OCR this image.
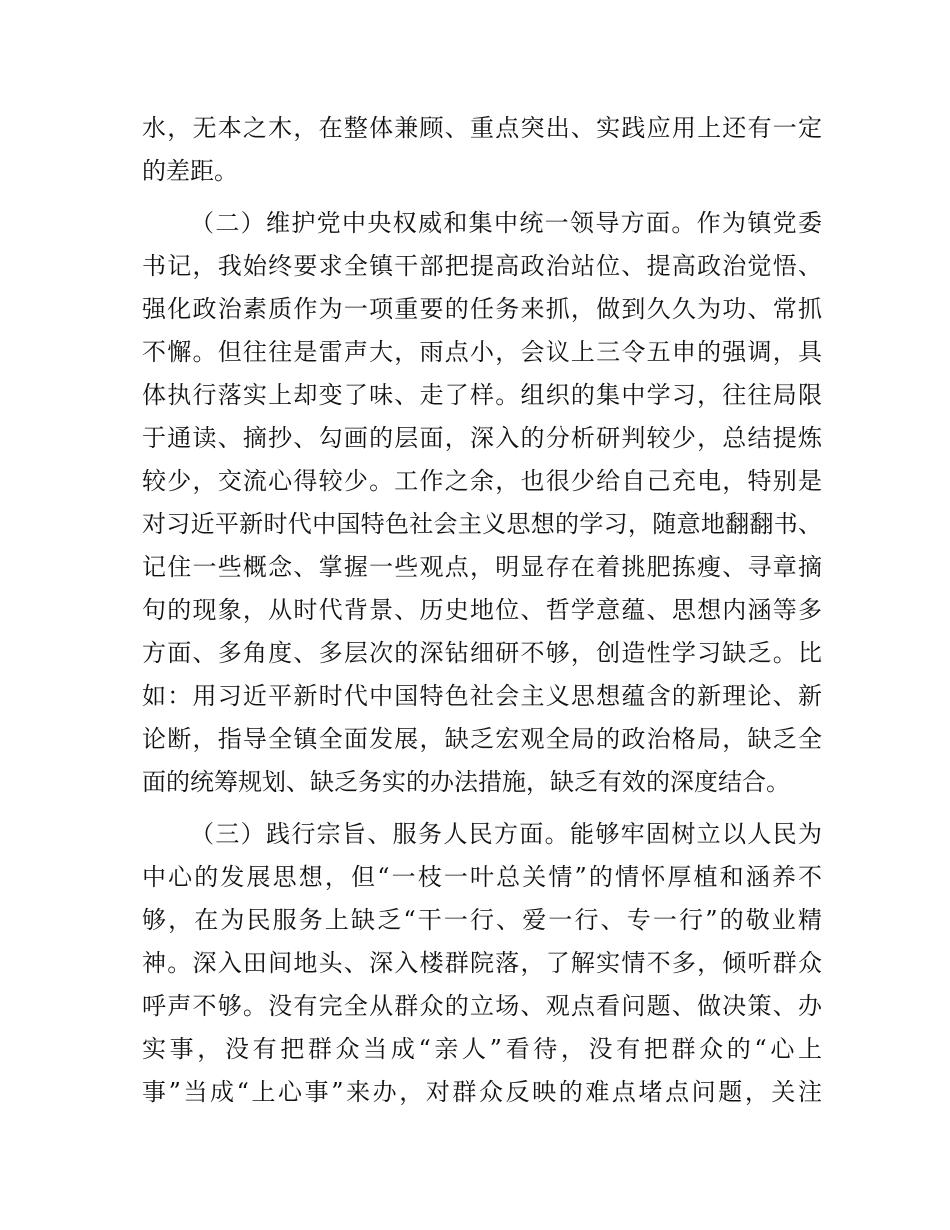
水，无本之木，在整体兼顾、重点突出、实践应用上还有一定
的差距。
（二）维护党中央权威和集中统一领导方面。作为镇党委
书记，我始终要求全镇干部把提高政治站位、提高政治觉悟、
强化政治素质作为一项重要的任务来抓，做到久久为功、常抓
不懈。但往往是雷声大，雨点小，会议上三令五申的强调，具
体执行落实上却变了味、走了样。组织的集中学习，往往局限
于通读、摘抄、勾画的层面，深入的分析研判较少，总结提炼
较少，交流心得较少。工作之余，也很少给自己充电，特别是
对习近平新时代中国特色社会主义思想的学习，随意地翻翻书、
记住一些概念、掌握一些观点，明显存在着挑肥拣瘦、寻章摘
句的现象，从时代背景、历史地位、哲学意蕴、思想内涵等多
方面、多角度、多层次的深钻细研不够，创造性学习缺乏。比
如：用习近平新时代中国特色社会主义思想蕴含的新理论、新
论断，指导全镇全面发展，缺乏宏观全局的政治格局，缺乏全
面的统筹规划、缺乏务实的办法措施，缺乏有效的深度结合。
（三）践行宗旨、服务人民方面。能够牢固树立以人民为
中心的发展思想，但“一枝一叶总关情”的情怀厚植和涵养不
够，在为民服务上缺乏“干一行、爱一行、专一行”的敬业精
神。深入田间地头、深入楼群院落，了解实情不多，倾听群众
呼声不够。没有完全从群众的立场、观点看问题、做决策、办
实事，没有把群众当成“亲人”看待，没有把群众的“心上
事”当成“上心事”来办，对群众反映的难点堵点问题，关注
